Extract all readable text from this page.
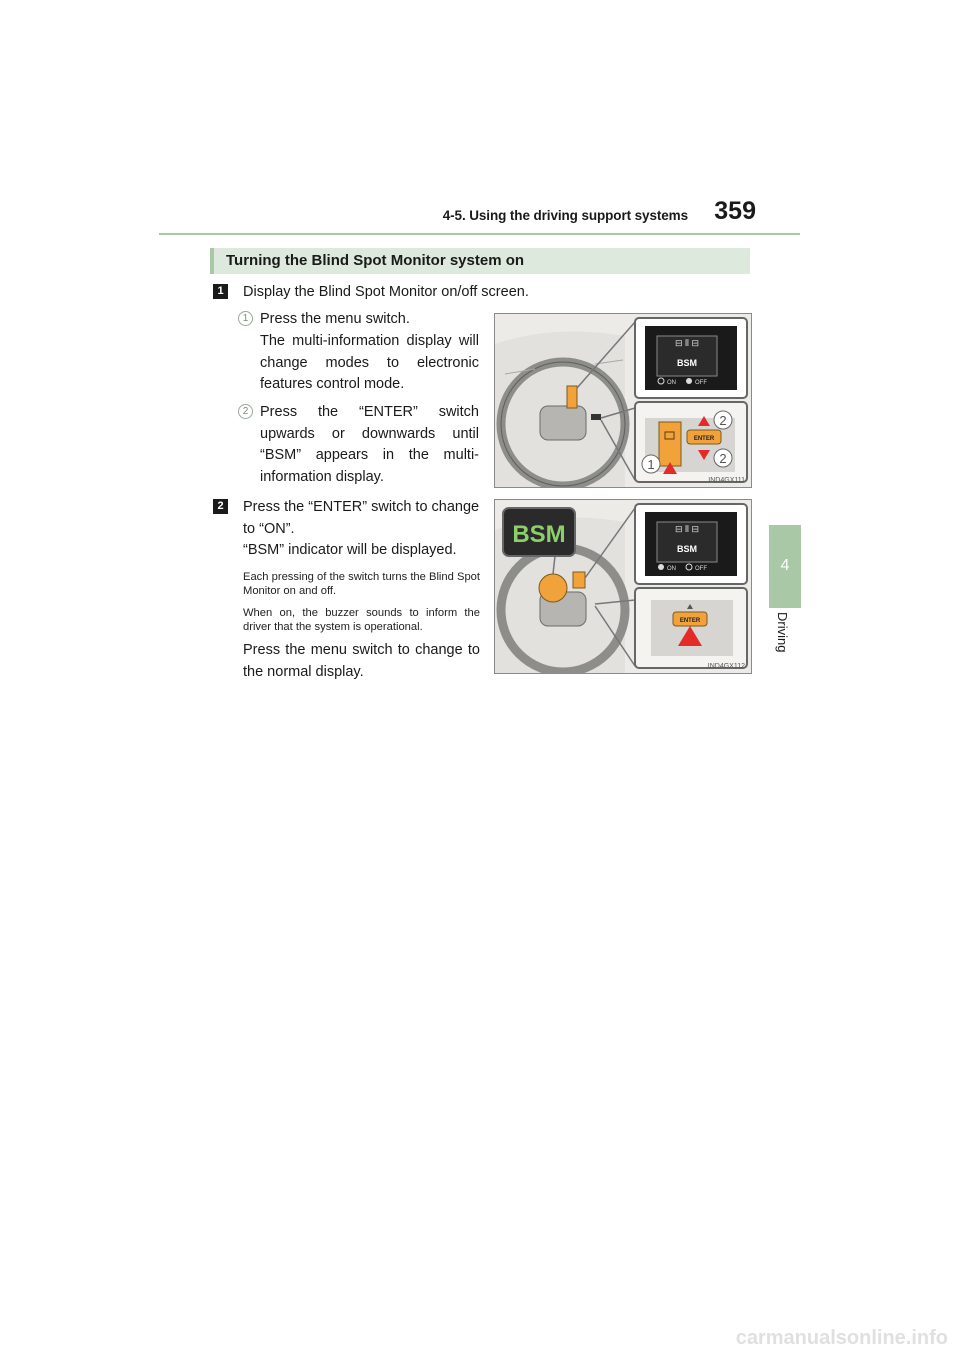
4-5. Using the driving support systems	359
4
Driving
Turning the Blind Spot Monitor system on
1	Display the Blind Spot Monitor on/off screen.
1 Press the menu switch.
The multi-information display will change modes to electronic features control mode.
2 Press the “ENTER” switch upwards or downwards until “BSM” appears in the multi-information display.
2	Press the “ENTER” switch to change to “ON”.
“BSM” indicator will be displayed.
Each pressing of the switch turns the Blind Spot Monitor on and off.
When on, the buzzer sounds to inform the driver that the system is operational.
Press the menu switch to change to the normal display.
⊟ ⦀ ⊟
BSM
ON	OFF
ENTER
1
2
2
IND4GX111
BSM	⊟ ⦀ ⊟
BSM
ON	OFF
ENTER
IND4GX112
carmanualsonline.info
